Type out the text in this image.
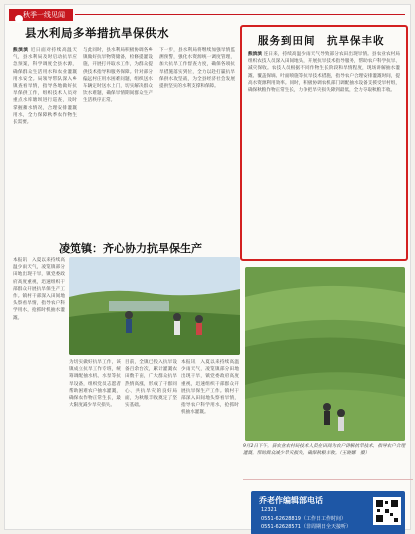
秋季一线见闻
县水利局多举措抗旱保供水
熊滨滨 近日面对持续高温天气，县水利局及时启动抗旱应急预案，科学调度全县水源，确保群众生活用水和农业灌溉用水安全。局领导带队深入乡镇查看旱情，指导各地做好抗旱保供工作，组织技术人员对重点水库塘坝进行巡查，及时掌握蓄水情况，合理安排灌溉用水，全力保障秋季农作物生长需要。
与此同时，县水利局积极协调各乡镇做好抗旱物资储备，检修提灌设施，开展打井取水工作，为群众提供技术指导和服务保障。针对部分偏远村庄用水困难问题，组织送水车辆定时送水上门，切实解决群众饮水难题，确保旱情期间群众生产生活秩序正常。
下一步，县水利局将继续加强旱情监测预警，强化水资源统一调度管理，加大抗旱工作督查力度，确保各项抗旱措施落实到位，全力以赴打赢抗旱保供水攻坚战，为全县经济社会发展提供坚实的水利支撑和保障。
服务到田间　抗旱保丰收
熊滨滨 连日来，持续高温少雨天气导致部分农田出现旱情。县农业农村局组织农技人员深入田间地头，开展抗旱技术指导服务，帮助农户科学抗旱、减灾保收。农技人员根据不同作物生长阶段和旱情程度，现场讲解抽水灌溉、覆盖保墒、叶面喷施等抗旱技术措施，指导农户合理安排灌溉时间，提高水资源利用效率。同时，积极协调农机部门调配抽水设备支援受旱村组，确保秋粮作物正常生长，力争把旱灾损失降到最低，全力夺取秋粮丰收。
凌笕镇：齐心协力抗旱保生产
本报讯　入夏以来持续高温少雨天气，凌笕镇部分田地出现干旱，镇党委政府高度重视，迅速组织干部群众开展抗旱保生产工作。镇村干部深入田间地头察看旱情，指导农户科学用水，抢抓时机抽水灌溉。
为切实做好抗旱工作，该镇成立抗旱工作专班，统筹调配抽水机、水泵等抗旱设备，组织党员志愿者帮助困难农户抽水灌溉，确保农作物正常生长，最大限度减少旱灾损失。
目前，全镇已投入抗旱设备百余台次，累计灌溉农田数千亩，广大群众抗旱热情高涨，形成了干群同心、共抗旱灾的良好局面，为秋粮丰收奠定了坚实基础。
本报讯　入夏以来持续高温少雨天气，凌笕镇部分田地出现干旱，镇党委政府高度重视，迅速组织干部群众开展抗旱保生产工作。镇村干部深入田间地头察看旱情，指导农户科学用水，抢抓时机抽水灌溉。
9月2日下午，县农业农村局技术人员在田间为农户讲解抗旱技术，指导农户合理灌溉，帮助群众减少旱灾损失，确保秋粮丰收。（王晓娜　摄）
乔老作编辑部电话
12321
0551-62628819（工作日工作时间）
0551-62628571（非周期日全天接听）
